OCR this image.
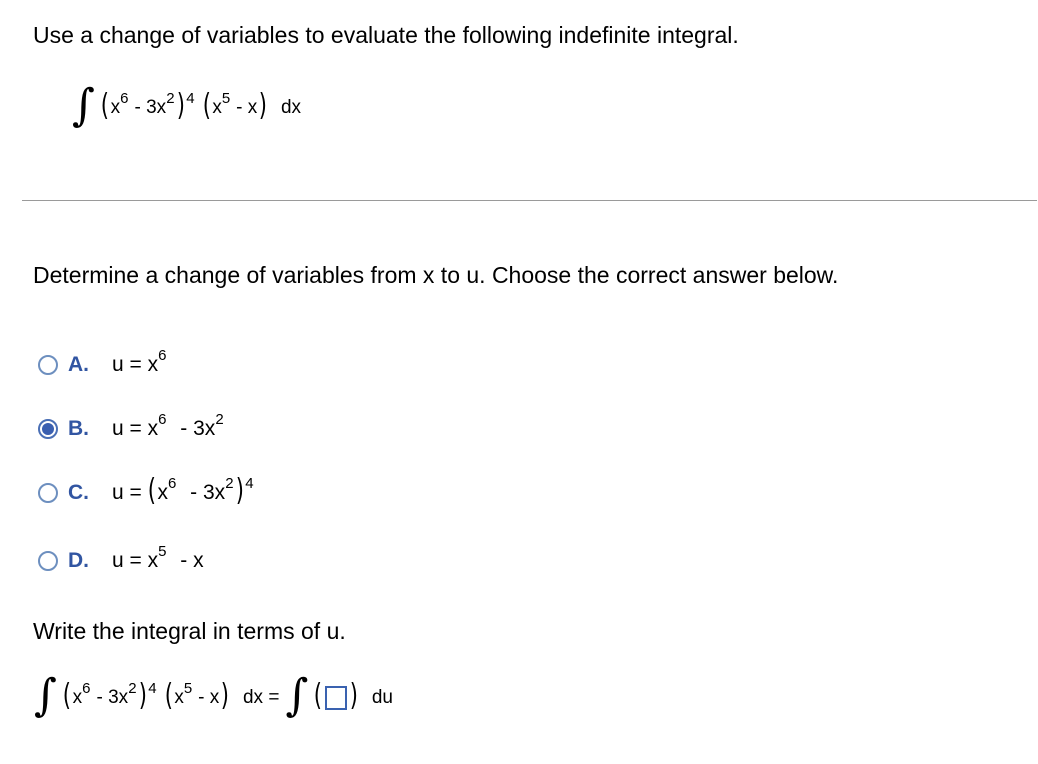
Use a change of variables to evaluate the following indefinite integral.
∫ ( $x^6 - 3x^2$ )$^4$ ( $x^5$ - x ) dx
Determine a change of variables from x to u. Choose the correct answer below.
A.	$u = x^6$
B.	$u = x^6 - 3x^2$
C.	u = ( $x^6 - 3x^2$ )$^4$
D.	$u = x^5 - x$
Write the integral in terms of u.
∫ ( $x^6 - 3x^2$ )$^4$ ( $x^5$ - x ) dx = ∫ ( ) du
